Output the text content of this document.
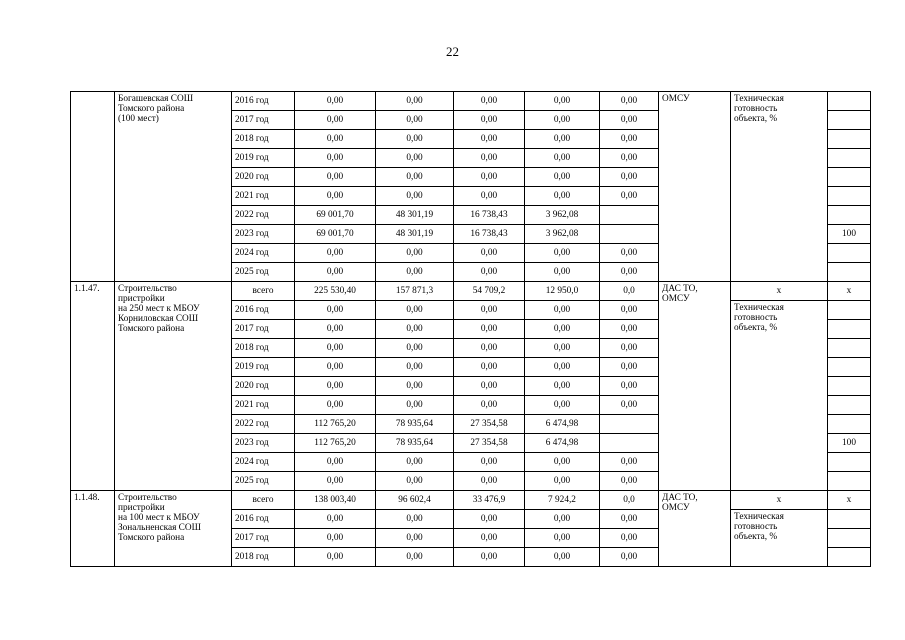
22
	Богашевская СОШ
Томского района
(100 мест)	2016 год	0,00	0,00	0,00	0,00	0,00	ОМСУ	Техническая
готовность
объекта, %	
		2017 год	0,00	0,00	0,00	0,00	0,00			
		2018 год	0,00	0,00	0,00	0,00	0,00			
		2019 год	0,00	0,00	0,00	0,00	0,00			
		2020 год	0,00	0,00	0,00	0,00	0,00			
		2021 год	0,00	0,00	0,00	0,00	0,00			
		2022 год	69 001,70	48 301,19	16 738,43	3 962,08				
		2023 год	69 001,70	48 301,19	16 738,43	3 962,08				100
		2024 год	0,00	0,00	0,00	0,00	0,00			
		2025 год	0,00	0,00	0,00	0,00	0,00			
1.1.47.	Строительство
пристройки
на 250 мест к МБОУ
Корниловская СОШ
Томского района	всего	225 530,40	157 871,3	54 709,2	12 950,0	0,0	ДАС ТО,
ОМСУ	х	х
		2016 год	0,00	0,00	0,00	0,00	0,00		Техническая
готовность
объекта, %	
		2017 год	0,00	0,00	0,00	0,00	0,00			
		2018 год	0,00	0,00	0,00	0,00	0,00			
		2019 год	0,00	0,00	0,00	0,00	0,00			
		2020 год	0,00	0,00	0,00	0,00	0,00			
		2021 год	0,00	0,00	0,00	0,00	0,00			
		2022 год	112 765,20	78 935,64	27 354,58	6 474,98				
		2023 год	112 765,20	78 935,64	27 354,58	6 474,98				100
		2024 год	0,00	0,00	0,00	0,00	0,00			
		2025 год	0,00	0,00	0,00	0,00	0,00			
1.1.48.	Строительство
пристройки
на 100 мест к МБОУ
Зональненская СОШ
Томского района	всего	138 003,40	96 602,4	33 476,9	7 924,2	0,0	ДАС ТО,
ОМСУ	х	х
		2016 год	0,00	0,00	0,00	0,00	0,00		Техническая
готовность
объекта, %	
		2017 год	0,00	0,00	0,00	0,00	0,00			
		2018 год	0,00	0,00	0,00	0,00	0,00			
